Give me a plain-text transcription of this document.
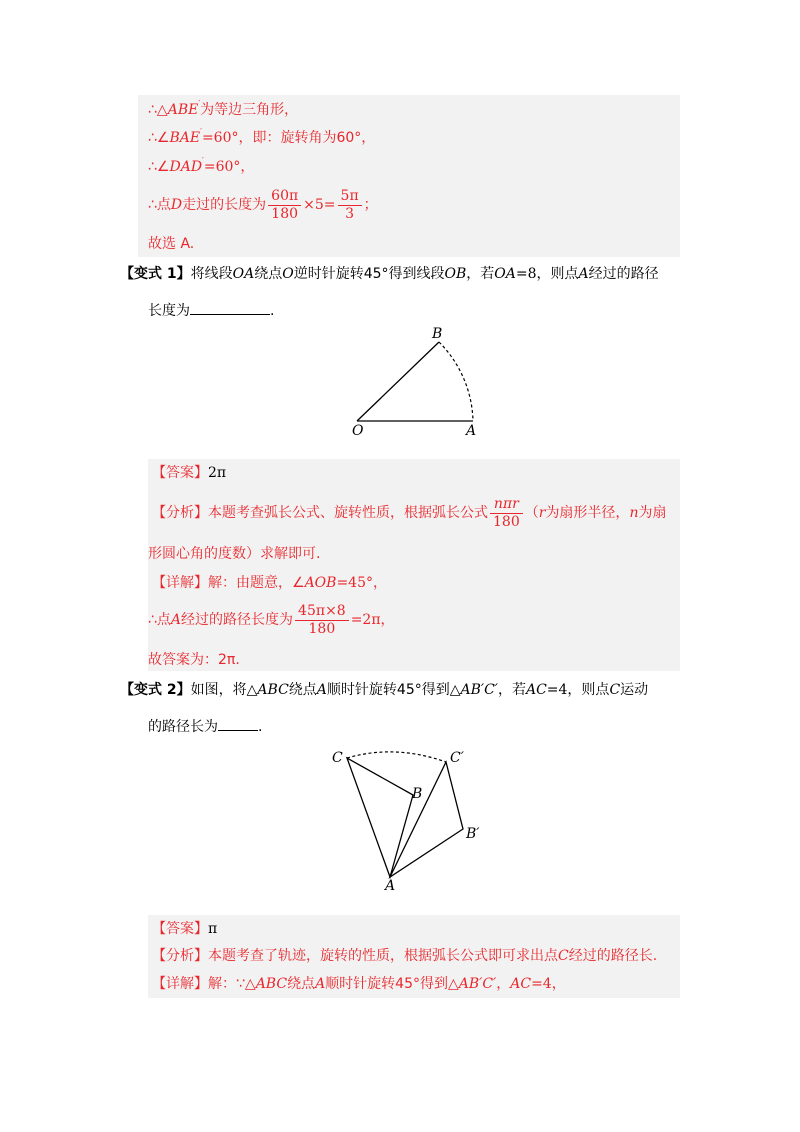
∴△ABE′为等边三角形，
∴∠BAE′=60°，即：旋转角为60°，
∴∠DAD′=60°，
∴点D走过的长度为 $\frac{60\pi}{180} \times 5= \frac{5\pi}{3}$ ；
故选 A.
【变式 1】将线段OA绕点O逆时针旋转45°得到线段OB，若OA=8，则点A经过的路径
长度为	.
B
O	A
【答案】2π
【分析】本题考查弧长公式、旋转性质，根据弧长公式 $\frac{\text{nπr}}{180} (r$为扇形半径，n为扇
形圆心角的度数）求解即可.
【详解】解：由题意，∠AOB=45°，
∴点A经过的路径长度为 $\frac{45\pi\times 8}{180} =2\pi$，
故答案为：2π.
【变式 2】如图，将△ABC绕点A顺时针旋转45°得到△AB′C′，若AC=4，则点C运动
的路径长为	.
C	C′
B
B′
A
【答案】π
【分析】本题考查了轨迹，旋转的性质，根据弧长公式即可求出点C经过的路径长.
【详解】解：∵△ABC绕点A顺时针旋转45°得到△AB′C′，AC=4，
